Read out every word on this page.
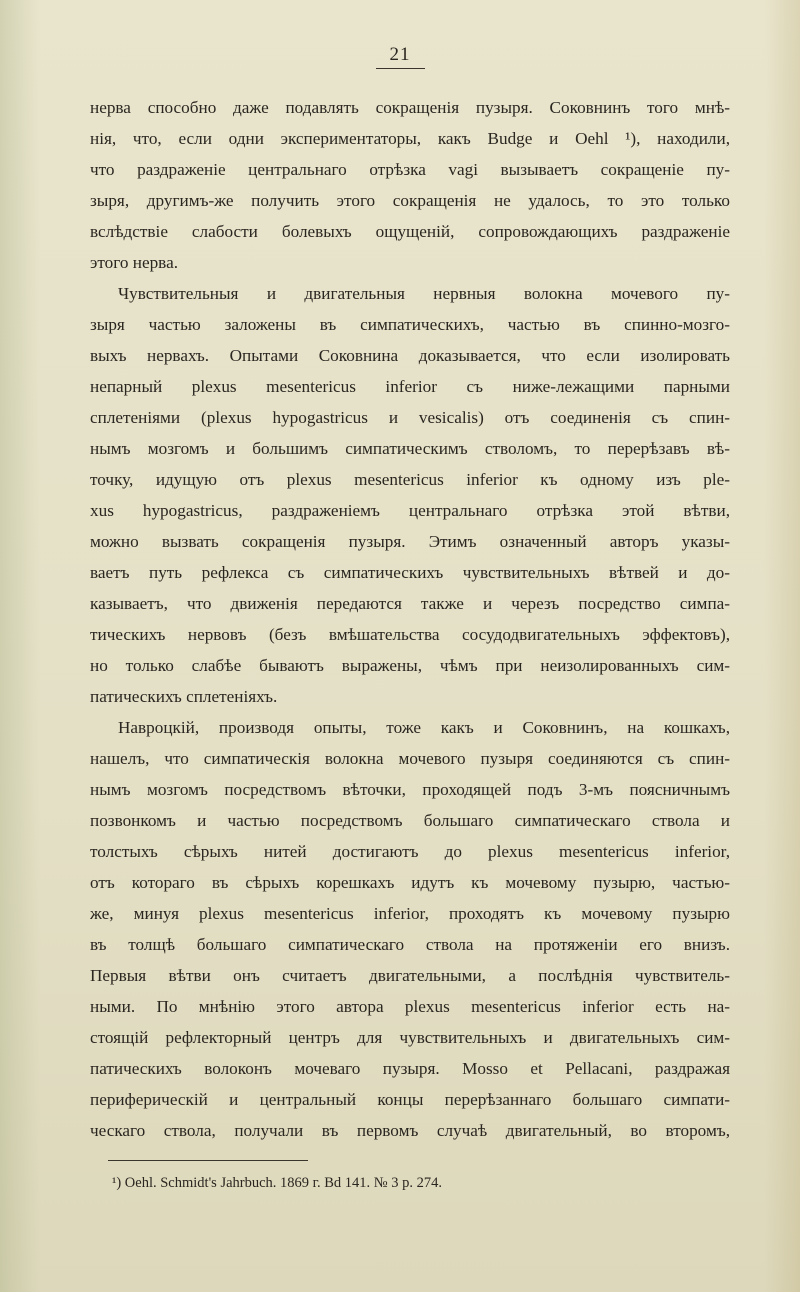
21
нерва способно даже подавлять сокращенія пузыря. Соковнинъ того мнѣ-
нія, что, если одни экспериментаторы, какъ Budge и Oehl ¹), находили,
что раздраженіе центральнаго отрѣзка vagi вызываетъ сокращеніе пу-
зыря, другимъ-же получить этого сокращенія не удалось, то это только
вслѣдствіе слабости болевыхъ ощущеній, сопровождающихъ раздраженіе
этого нерва.
Чувствительныя и двигательныя нервныя волокна мочевого пу-
зыря частью заложены въ симпатическихъ, частью въ спинно-мозго-
выхъ нервахъ. Опытами Соковнина доказывается, что если изолировать
непарный plexus mesentericus inferior съ ниже-лежащими парными
сплетеніями (plexus hypogastricus и vesicalis) отъ соединенія съ спин-
нымъ мозгомъ и большимъ симпатическимъ стволомъ, то перерѣзавъ вѣ-
точку, идущую отъ plexus mesentericus inferior къ одному изъ ple-
xus hypogastricus, раздраженіемъ центральнаго отрѣзка этой вѣтви,
можно вызвать сокращенія пузыря. Этимъ означенный авторъ указы-
ваетъ путь рефлекса съ симпатическихъ чувствительныхъ вѣтвей и до-
казываетъ, что движенія передаются также и черезъ посредство симпа-
тическихъ нервовъ (безъ вмѣшательства сосудодвигательныхъ эффектовъ),
но только слабѣе бываютъ выражены, чѣмъ при неизолированныхъ сим-
патическихъ сплетеніяхъ.
Навроцкій, производя опыты, тоже какъ и Соковнинъ, на кошкахъ,
нашелъ, что симпатическія волокна мочевого пузыря соединяются съ спин-
нымъ мозгомъ посредствомъ вѣточки, проходящей подъ 3-мъ поясничнымъ
позвонкомъ и частью посредствомъ большаго симпатическаго ствола и
толстыхъ сѣрыхъ нитей достигаютъ до plexus mesentericus inferior,
отъ котораго въ сѣрыхъ корешкахъ идутъ къ мочевому пузырю, частью-
же, минуя plexus mesentericus inferior, проходятъ къ мочевому пузырю
въ толщѣ большаго симпатическаго ствола на протяженіи его внизъ.
Первыя вѣтви онъ считаетъ двигательными, а послѣднія чувствитель-
ными. По мнѣнію этого автора plexus mesentericus inferior есть на-
стоящій рефлекторный центръ для чувствительныхъ и двигательныхъ сим-
патическихъ волоконъ мочеваго пузыря. Mosso et Pellacani, раздражая
периферическій и центральный концы перерѣзаннаго большаго симпати-
ческаго ствола, получали въ первомъ случаѣ двигательный, во второмъ,
¹) Oehl. Schmidt's Jahrbuch. 1869 г. Bd 141. № 3 p. 274.
